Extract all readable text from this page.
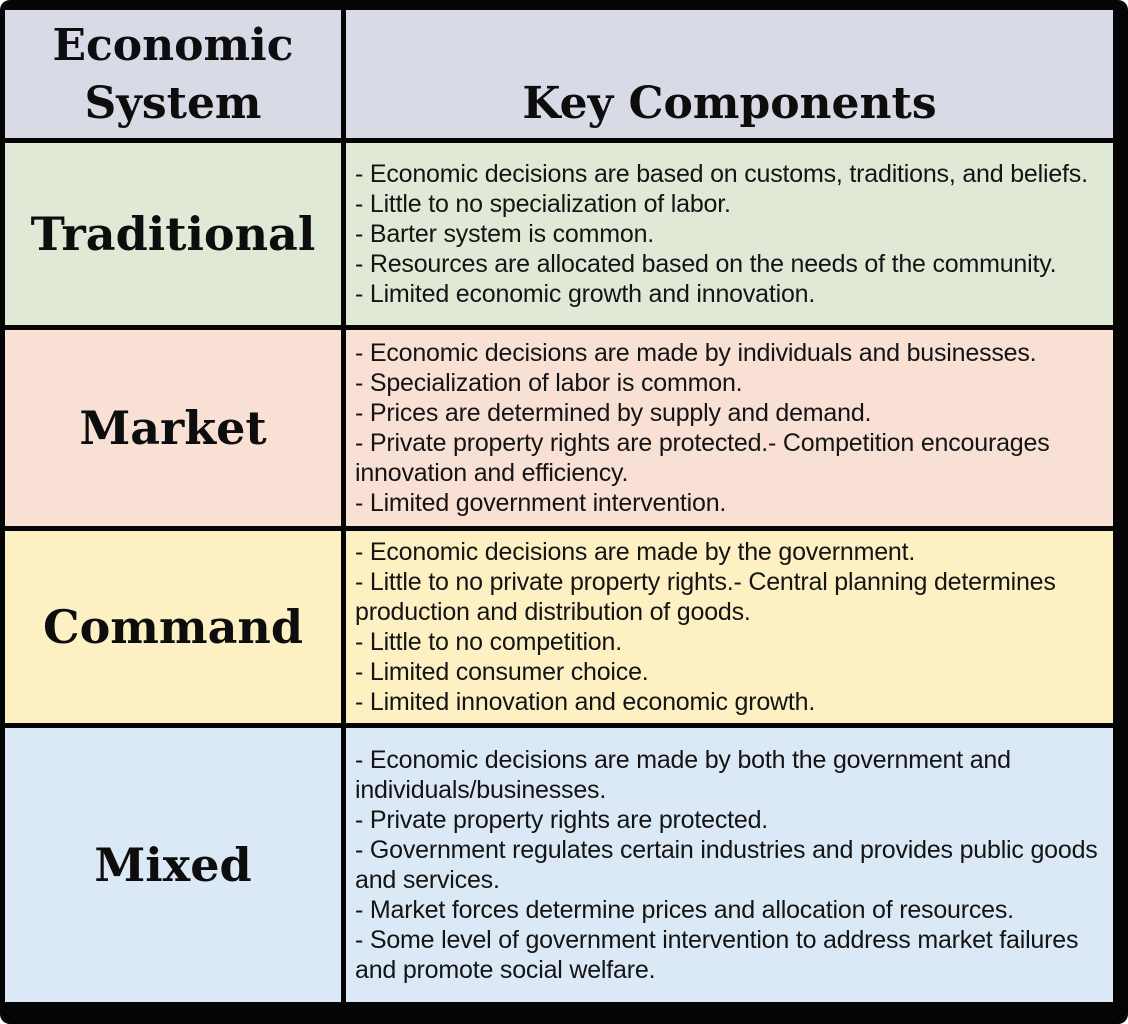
Economic System	Key Components
Traditional
- Economic decisions are based on customs, traditions, and beliefs.
- Little to no specialization of labor.
- Barter system is common.
- Resources are allocated based on the needs of the community.
- Limited economic growth and innovation.
Market
- Economic decisions are made by individuals and businesses.
- Specialization of labor is common.
- Prices are determined by supply and demand.
- Private property rights are protected.- Competition encourages innovation and efficiency.
- Limited government intervention.
Command
- Economic decisions are made by the government.
- Little to no private property rights.- Central planning determines production and distribution of goods.
- Little to no competition.
- Limited consumer choice.
- Limited innovation and economic growth.
Mixed
- Economic decisions are made by both the government and individuals/businesses.
- Private property rights are protected.
- Government regulates certain industries and provides public goods and services.
- Market forces determine prices and allocation of resources.
- Some level of government intervention to address market failures and promote social welfare.
